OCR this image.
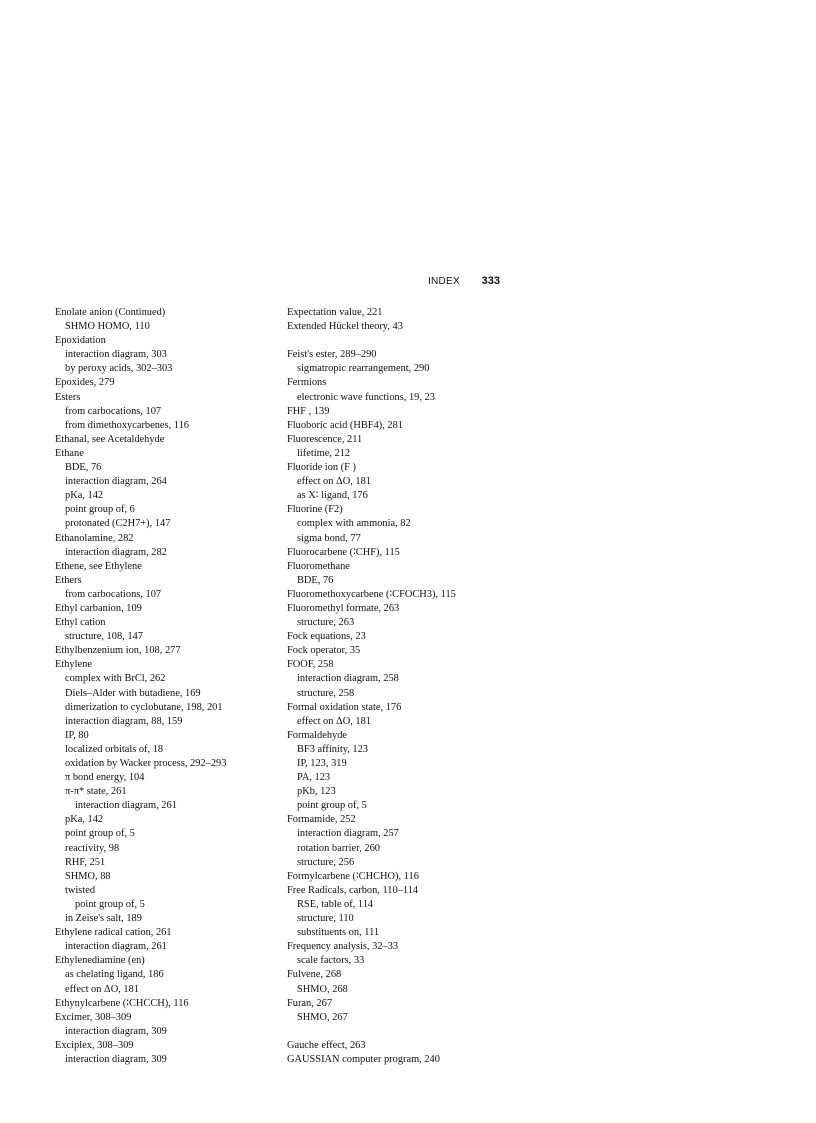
INDEX 333
Enolate anion (Continued)
SHMO HOMO, 110
Epoxidation
interaction diagram, 303
by peroxy acids, 302–303
Epoxides, 279
Esters
from carbocations, 107
from dimethoxycarbenes, 116
Ethanal, see Acetaldehyde
Ethane
BDE, 76
interaction diagram, 264
pKa, 142
point group of, 6
protonated (C2H7+), 147
Ethanolamine, 282
interaction diagram, 282
Ethene, see Ethylene
Ethers
from carbocations, 107
Ethyl carbanion, 109
Ethyl cation
structure, 108, 147
Ethylbenzenium ion, 108, 277
Ethylene
complex with BrCl, 262
Diels–Alder with butadiene, 169
dimerization to cyclobutane, 198, 201
interaction diagram, 88, 159
IP, 80
localized orbitals of, 18
oxidation by Wacker process, 292–293
π bond energy, 104
π-π* state, 261
interaction diagram, 261
pKa, 142
point group of, 5
reactivity, 98
RHF, 251
SHMO, 88
twisted
point group of, 5
in Zeise's salt, 189
Ethylene radical cation, 261
interaction diagram, 261
Ethylenediamine (en)
as chelating ligand, 186
effect on ΔO, 181
Ethynylcarbene (∶CHCCH), 116
Excimer, 308–309
interaction diagram, 309
Exciplex, 308–309
interaction diagram, 309
Expectation value, 221
Extended Hückel theory, 43
Feist's ester, 289–290
sigmatropic rearrangement, 290
Fermions
electronic wave functions, 19, 23
FHF , 139
Fluoboric acid (HBF4), 281
Fluorescence, 211
lifetime, 212
Fluoride ion (F )
effect on ΔO, 181
as X∶ ligand, 176
Fluorine (F2)
complex with ammonia, 82
sigma bond, 77
Fluorocarbene (∶CHF), 115
Fluoromethane
BDE, 76
Fluoromethoxycarbene (∶CFOCH3), 115
Fluoromethyl formate, 263
structure, 263
Fock equations, 23
Fock operator, 35
FOOF, 258
interaction diagram, 258
structure, 258
Formal oxidation state, 176
effect on ΔO, 181
Formaldehyde
BF3 affinity, 123
IP, 123, 319
PA, 123
pKb, 123
point group of, 5
Formamide, 252
interaction diagram, 257
rotation barrier, 260
structure, 256
Formylcarbene (∶CHCHO), 116
Free Radicals, carbon, 110–114
RSE, table of, 114
structure, 110
substituents on, 111
Frequency analysis, 32–33
scale factors, 33
Fulvene, 268
SHMO, 268
Furan, 267
SHMO, 267
Gauche effect, 263
GAUSSIAN computer program, 240
